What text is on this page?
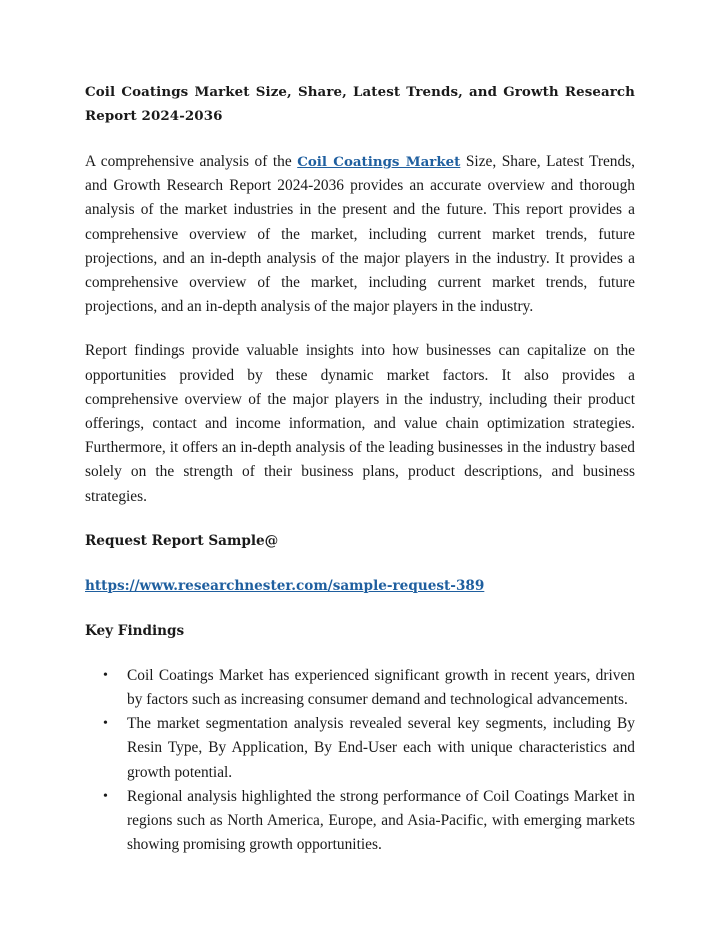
Coil Coatings Market Size, Share, Latest Trends, and Growth Research Report 2024-2036

A comprehensive analysis of the Coil Coatings Market Size, Share, Latest Trends, and Growth Research Report 2024-2036 provides an accurate overview and thorough analysis of the market industries in the present and the future. This report provides a comprehensive overview of the market, including current market trends, future projections, and an in-depth analysis of the major players in the industry. It provides a comprehensive overview of the market, including current market trends, future projections, and an in-depth analysis of the major players in the industry.

Report findings provide valuable insights into how businesses can capitalize on the opportunities provided by these dynamic market factors. It also provides a comprehensive overview of the major players in the industry, including their product offerings, contact and income information, and value chain optimization strategies. Furthermore, it offers an in-depth analysis of the leading businesses in the industry based solely on the strength of their business plans, product descriptions, and business strategies.

Request Report Sample@
https://www.researchnester.com/sample-request-389
Key Findings
• Coil Coatings Market has experienced significant growth in recent years, driven by factors such as increasing consumer demand and technological advancements.
• The market segmentation analysis revealed several key segments, including By Resin Type, By Application, By End-User each with unique characteristics and growth potential.
• Regional analysis highlighted the strong performance of Coil Coatings Market in regions such as North America, Europe, and Asia-Pacific, with emerging markets showing promising growth opportunities.
